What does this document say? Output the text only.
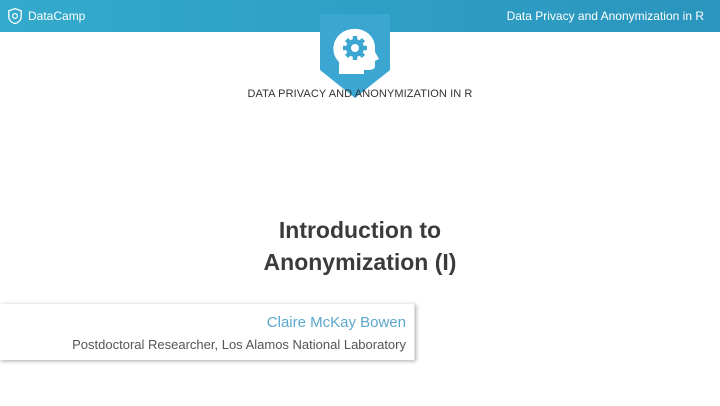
DataCamp	Data Privacy and Anonymization in R
DATA PRIVACY AND ANONYMIZATION IN R
Introduction to
Anonymization (I)
Claire McKay Bowen
Postdoctoral Researcher, Los Alamos National Laboratory
